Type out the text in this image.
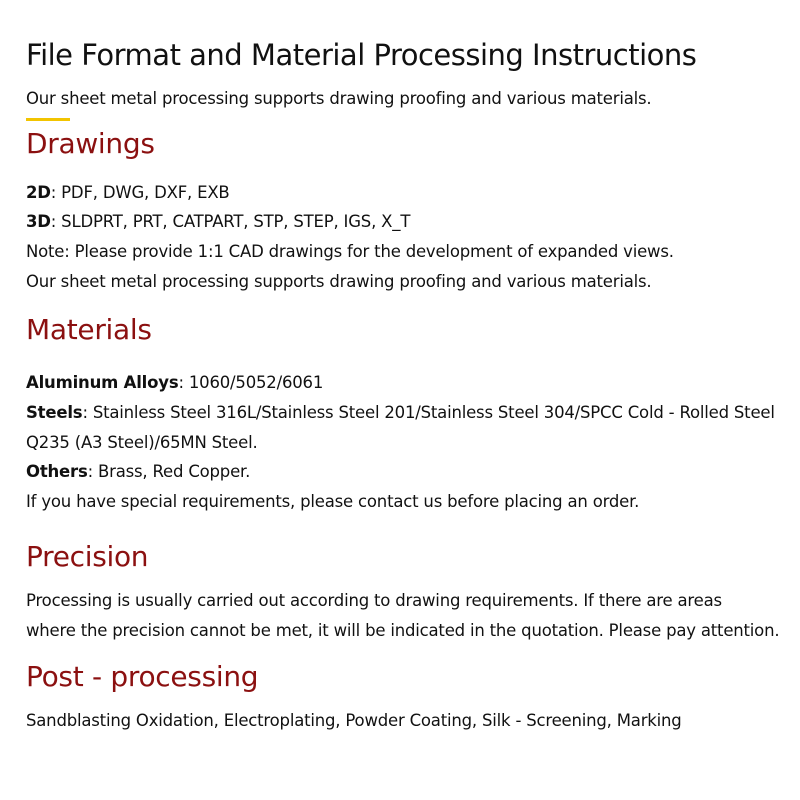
File Format and Material Processing Instructions
Our sheet metal processing supports drawing proofing and various materials.
Drawings
2D: PDF, DWG, DXF, EXB
3D: SLDPRT, PRT, CATPART, STP, STEP, IGS, X_T
Note: Please provide 1:1 CAD drawings for the development of expanded views.
Our sheet metal processing supports drawing proofing and various materials.
Materials
Aluminum Alloys: 1060/5052/6061
Steels: Stainless Steel 316L/Stainless Steel 201/Stainless Steel 304/SPCC Cold - Rolled Steel
Q235 (A3 Steel)/65MN Steel.
Others: Brass, Red Copper.
If you have special requirements, please contact us before placing an order.
Precision
Processing is usually carried out according to drawing requirements. If there are areas
where the precision cannot be met, it will be indicated in the quotation. Please pay attention.
Post - processing
Sandblasting Oxidation, Electroplating, Powder Coating, Silk - Screening, Marking
